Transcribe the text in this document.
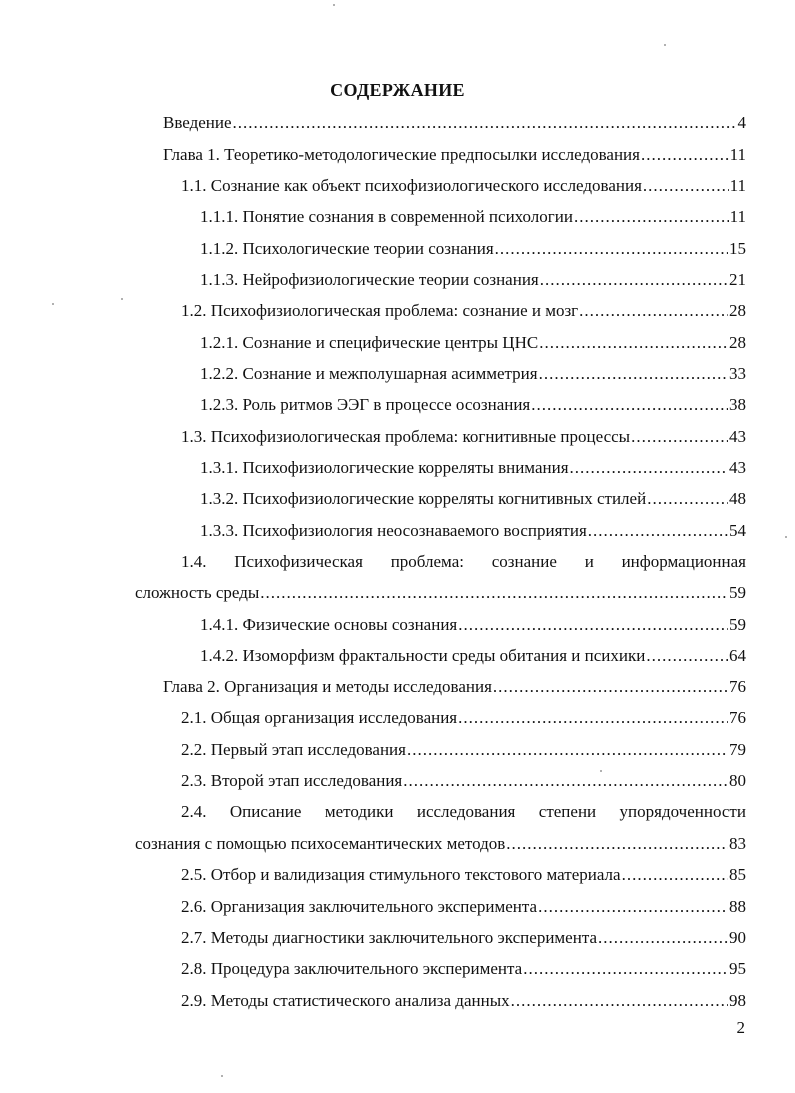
СОДЕРЖАНИЕ
Введение .....	4
Глава 1. Теоретико-методологические предпосылки исследования .....	11
1.1. Сознание как объект психофизиологического исследования .....	11
1.1.1. Понятие сознания в современной психологии .....	11
1.1.2. Психологические теории сознания .....	15
1.1.3. Нейрофизиологические теории сознания .....	21
1.2. Психофизиологическая проблема: сознание и мозг .....	28
1.2.1. Сознание и специфические центры ЦНС .....	28
1.2.2. Сознание и межполушарная асимметрия .....	33
1.2.3. Роль ритмов ЭЭГ в процессе осознания .....	38
1.3. Психофизиологическая проблема: когнитивные процессы .....	43
1.3.1. Психофизиологические корреляты внимания .....	43
1.3.2. Психофизиологические корреляты когнитивных стилей .....	48
1.3.3. Психофизиология неосознаваемого восприятия .....	54
1.4. Психофизическая проблема: сознание и информационная
сложность среды .....	59
1.4.1. Физические основы сознания .....	59
1.4.2. Изоморфизм фрактальности среды обитания и психики .....	64
Глава 2. Организация и методы исследования .....	76
2.1. Общая организация исследования .....	76
2.2. Первый этап исследования .....	79
2.3. Второй этап исследования .....	80
2.4. Описание методики исследования степени упорядоченности
сознания с помощью психосемантических методов .....	83
2.5. Отбор и валидизация стимульного текстового материала .....	85
2.6. Организация заключительного эксперимента .....	88
2.7. Методы диагностики заключительного эксперимента .....	90
2.8. Процедура заключительного эксперимента .....	95
2.9. Методы статистического анализа данных .....	98
2
